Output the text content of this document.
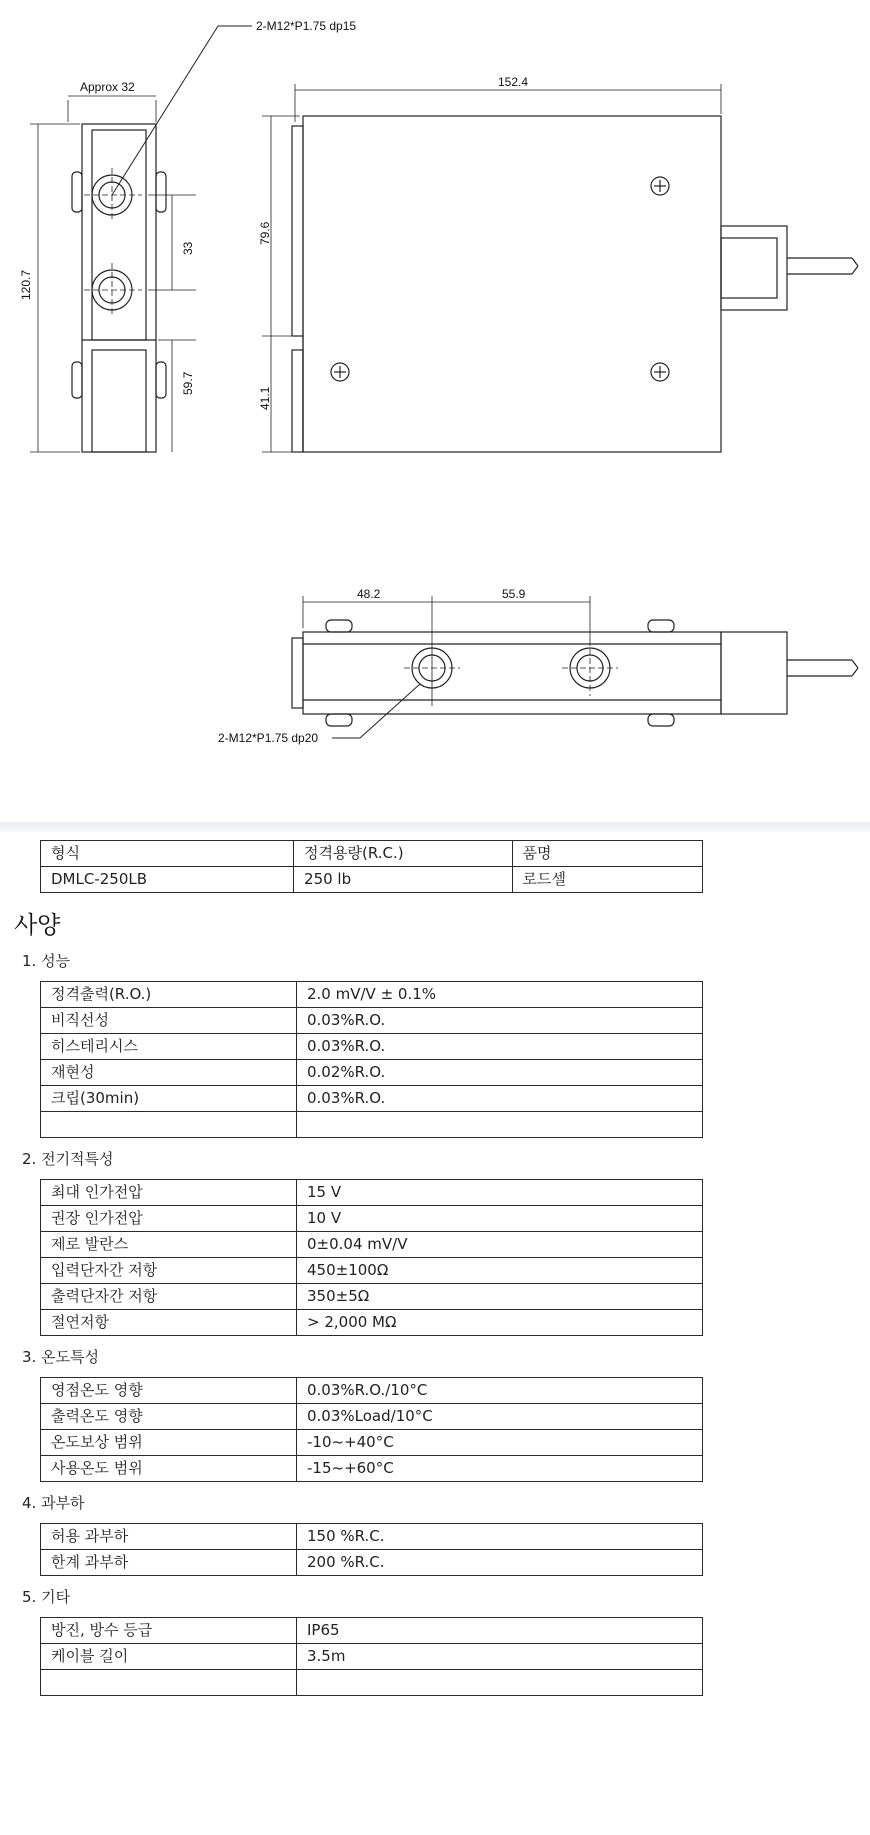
2-M12*P1.75 dp15
Approx 32
120.7
33
59.7
152.4
79.6
41.1
48.2	55.9
2-M12*P1.75 dp20
형식	정격용량(R.C.)	품명
DMLC-250LB	250 lb	로드셀
사양
1. 성능
정격출력(R.O.)	2.0 mV/V ± 0.1%
비직선성	0.03%R.O.
히스테리시스	0.03%R.O.
재현성	0.02%R.O.
크립(30min)	0.03%R.O.

2. 전기적특성
최대 인가전압	15 V
권장 인가전압	10 V
제로 발란스	0±0.04 mV/V
입력단자간 저항	450±100Ω
출력단자간 저항	350±5Ω
절연저항	> 2,000 MΩ
3. 온도특성
영점온도 영향	0.03%R.O./10°C
출력온도 영향	0.03%Load/10°C
온도보상 범위	-10~+40°C
사용온도 범위	-15~+60°C
4. 과부하
허용 과부하	150 %R.C.
한계 과부하	200 %R.C.
5. 기타
방진, 방수 등급	IP65
케이블 길이	3.5m
